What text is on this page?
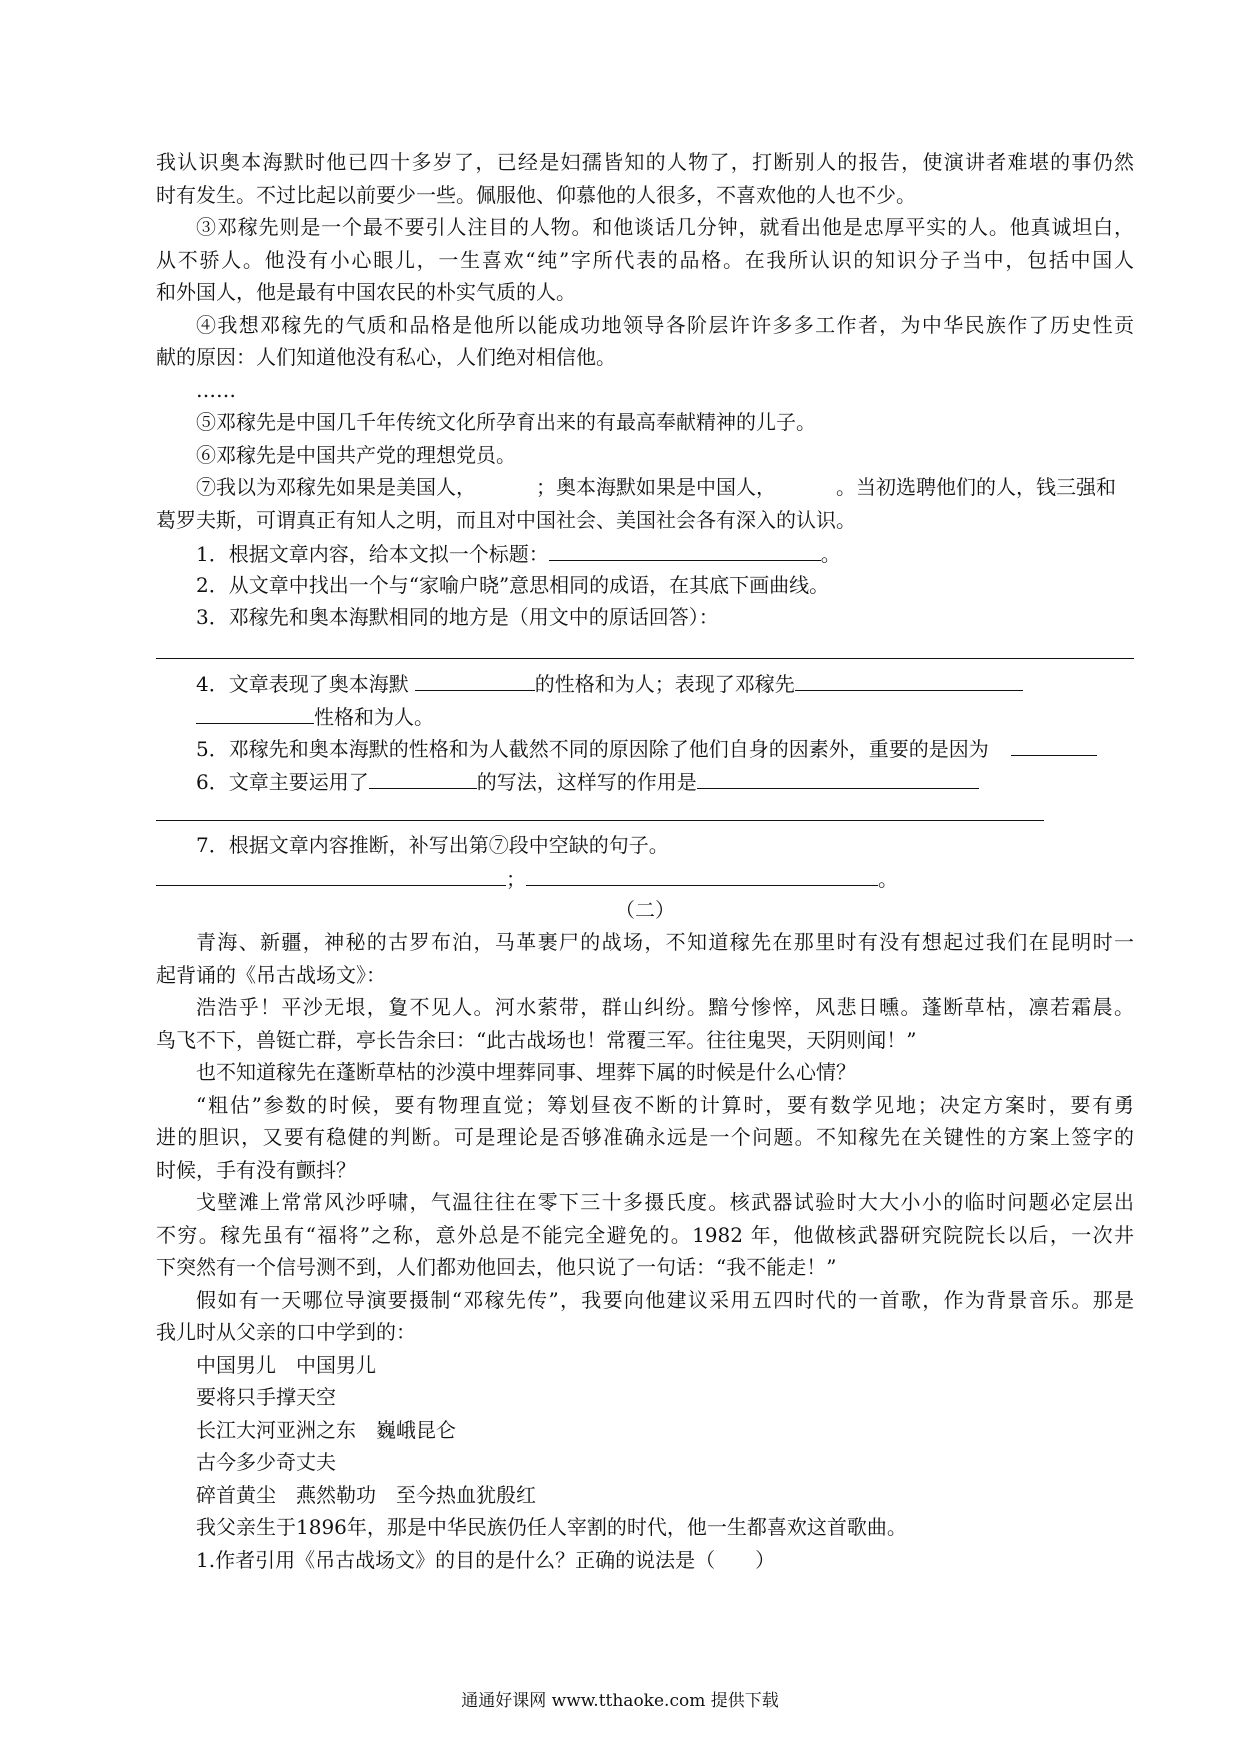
我认识奥本海默时他已四十多岁了，已经是妇孺皆知的人物了，打断别人的报告，使演讲者难堪的事仍然
时有发生。不过比起以前要少一些。佩服他、仰慕他的人很多，不喜欢他的人也不少。
③邓稼先则是一个最不要引人注目的人物。和他谈话几分钟，就看出他是忠厚平实的人。他真诚坦白，
从不骄人。他没有小心眼儿，一生喜欢“纯”字所代表的品格。在我所认识的知识分子当中，包括中国人
和外国人，他是最有中国农民的朴实气质的人。
④我想邓稼先的气质和品格是他所以能成功地领导各阶层许许多多工作者，为中华民族作了历史性贡
献的原因：人们知道他没有私心，人们绝对相信他。
……
⑤邓稼先是中国几千年传统文化所孕育出来的有最高奉献精神的儿子。
⑥邓稼先是中国共产党的理想党员。
⑦我以为邓稼先如果是美国人，	；奥本海默如果是中国人，	。当初选聘他们的人，钱三强和
葛罗夫斯，可谓真正有知人之明，而且对中国社会、美国社会各有深入的认识。
1．根据文章内容，给本文拟一个标题：	。
2．从文章中找出一个与“家喻户晓”意思相同的成语，在其底下画曲线。
3．邓稼先和奥本海默相同的地方是（用文中的原话回答）：
4．文章表现了奥本海默	的性格和为人；表现了邓稼先
性格和为人。
5．邓稼先和奥本海默的性格和为人截然不同的原因除了他们自身的因素外，重要的是因为
6．文章主要运用了	的写法，这样写的作用是
7．根据文章内容推断，补写出第⑦段中空缺的句子。
；	。
（二）
青海、新疆，神秘的古罗布泊，马革裹尸的战场，不知道稼先在那里时有没有想起过我们在昆明时一
起背诵的《吊古战场文》：
浩浩乎！平沙无垠，夐不见人。河水萦带，群山纠纷。黯兮惨悴，风悲日曛。蓬断草枯，凛若霜晨。
鸟飞不下，兽铤亡群，亭长告余曰：“此古战场也！常覆三军。往往鬼哭，天阴则闻！”
也不知道稼先在蓬断草枯的沙漠中埋葬同事、埋葬下属的时候是什么心情？
“粗估”参数的时候，要有物理直觉；筹划昼夜不断的计算时，要有数学见地；决定方案时，要有勇
进的胆识，又要有稳健的判断。可是理论是否够准确永远是一个问题。不知稼先在关键性的方案上签字的
时候，手有没有颤抖？
戈壁滩上常常风沙呼啸，气温往往在零下三十多摄氏度。核武器试验时大大小小的临时问题必定层出
不穷。稼先虽有“福将”之称，意外总是不能完全避免的。1982 年，他做核武器研究院院长以后，一次井
下突然有一个信号测不到，人们都劝他回去，他只说了一句话：“我不能走！”
假如有一天哪位导演要摄制“邓稼先传”，我要向他建议采用五四时代的一首歌，作为背景音乐。那是
我儿时从父亲的口中学到的：
中国男儿　中国男儿
要将只手撑天空
长江大河亚洲之东　巍峨昆仑
古今多少奇丈夫
碎首黄尘　燕然勒功　至今热血犹殷红
我父亲生于1896年，那是中华民族仍任人宰割的时代，他一生都喜欢这首歌曲。
1.作者引用《吊古战场文》的目的是什么？正确的说法是（　　）
通通好课网 www.tthaoke.com 提供下载
